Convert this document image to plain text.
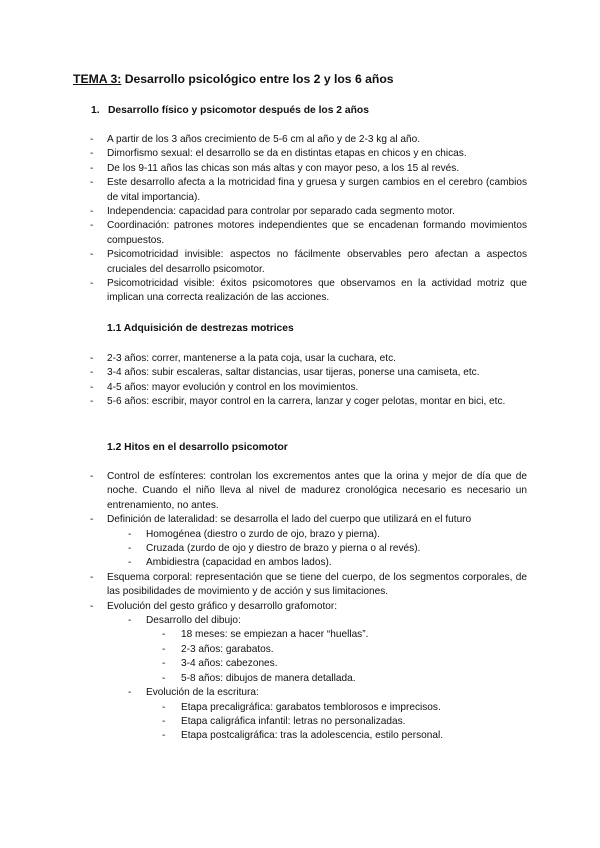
TEMA 3: Desarrollo psicológico entre los 2 y los 6 años
1. Desarrollo físico y psicomotor después de los 2 años
- A partir de los 3 años crecimiento de 5-6 cm al año y de 2-3 kg al año.
- Dimorfismo sexual: el desarrollo se da en distintas etapas en chicos y en chicas.
- De los 9-11 años las chicas son más altas y con mayor peso, a los 15 al revés.
- Este desarrollo afecta a la motricidad fina y gruesa y surgen cambios en el cerebro (cambios de vital importancia).
- Independencia: capacidad para controlar por separado cada segmento motor.
- Coordinación: patrones motores independientes que se encadenan formando movimientos compuestos.
- Psicomotricidad invisible: aspectos no fácilmente observables pero afectan a aspectos cruciales del desarrollo psicomotor.
- Psicomotricidad visible: éxitos psicomotores que observamos en la actividad motriz que implican una correcta realización de las acciones.
1.1 Adquisición de destrezas motrices
- 2-3 años: correr, mantenerse a la pata coja, usar la cuchara, etc.
- 3-4 años: subir escaleras, saltar distancias, usar tijeras, ponerse una camiseta, etc.
- 4-5 años: mayor evolución y control en los movimientos.
- 5-6 años: escribir, mayor control en la carrera, lanzar y coger pelotas, montar en bici, etc.
1.2 Hitos en el desarrollo psicomotor
- Control de esfínteres: controlan los excrementos antes que la orina y mejor de día que de noche. Cuando el niño lleva al nivel de madurez cronológica necesario es necesario un entrenamiento, no antes.
- Definición de lateralidad: se desarrolla el lado del cuerpo que utilizará en el futuro
- Homogénea (diestro o zurdo de ojo, brazo y pierna).
- Cruzada (zurdo de ojo y diestro de brazo y pierna o al revés).
- Ambidiestra (capacidad en ambos lados).
- Esquema corporal: representación que se tiene del cuerpo, de los segmentos corporales, de las posibilidades de movimiento y de acción y sus limitaciones.
- Evolución del gesto gráfico y desarrollo grafomotor:
- Desarrollo del dibujo:
- 18 meses: se empiezan a hacer “huellas”.
- 2-3 años: garabatos.
- 3-4 años: cabezones.
- 5-8 años: dibujos de manera detallada.
- Evolución de la escritura:
- Etapa precaligráfica: garabatos temblorosos e imprecisos.
- Etapa caligráfica infantil: letras no personalizadas.
- Etapa postcaligráfica: tras la adolescencia, estilo personal.
